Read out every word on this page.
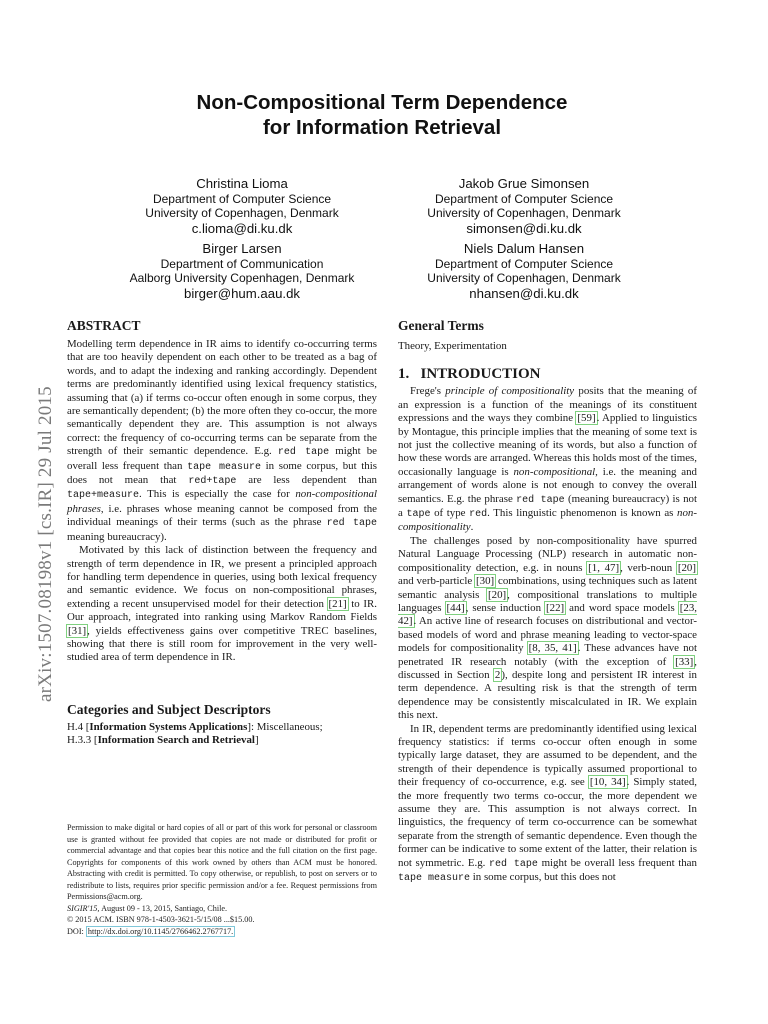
arXiv:1507.08198v1 [cs.IR] 29 Jul 2015
Non-Compositional Term Dependence
for Information Retrieval
Christina Lioma
Department of Computer Science
University of Copenhagen, Denmark
c.lioma@di.ku.dk
Jakob Grue Simonsen
Department of Computer Science
University of Copenhagen, Denmark
simonsen@di.ku.dk
Birger Larsen
Department of Communication
Aalborg University Copenhagen, Denmark
birger@hum.aau.dk
Niels Dalum Hansen
Department of Computer Science
University of Copenhagen, Denmark
nhansen@di.ku.dk
ABSTRACT

Modelling term dependence in IR aims to identify co-occurring terms that are too heavily dependent on each other to be treated as a bag of words, and to adapt the indexing and ranking accordingly. Dependent terms are predominantly identified using lexical frequency statistics, assuming that (a) if terms co-occur often enough in some corpus, they are semantically dependent; (b) the more often they co-occur, the more semantically dependent they are. This assumption is not always correct: the frequency of co-occurring terms can be separate from the strength of their semantic dependence. E.g. red tape might be overall less frequent than tape measure in some corpus, but this does not mean that red+tape are less dependent than tape+measure. This is especially the case for non-compositional phrases, i.e. phrases whose meaning cannot be composed from the individual meanings of their terms (such as the phrase red tape meaning bureaucracy).

Motivated by this lack of distinction between the frequency and strength of term dependence in IR, we present a principled approach for handling term dependence in queries, using both lexical frequency and semantic evidence. We focus on non-compositional phrases, extending a recent unsupervised model for their detection [21] to IR. Our approach, integrated into ranking using Markov Random Fields [31], yields effectiveness gains over competitive TREC baselines, showing that there is still room for improvement in the very well-studied area of term dependence in IR.

Categories and Subject Descriptors

H.4 [Information Systems Applications]: Miscellaneous;

H.3.3 [Information Search and Retrieval]

Permission to make digital or hard copies of all or part of this work for personal or classroom use is granted without fee provided that copies are not made or distributed for profit or commercial advantage and that copies bear this notice and the full citation on the first page. Copyrights for components of this work owned by others than ACM must be honored. Abstracting with credit is permitted. To copy otherwise, or republish, to post on servers or to redistribute to lists, requires prior specific permission and/or a fee. Request permissions from Permissions@acm.org.

SIGIR'15, August 09 - 13, 2015, Santiago, Chile.

© 2015 ACM. ISBN 978-1-4503-3621-5/15/08 ...$15.00.

DOI: http://dx.doi.org/10.1145/2766462.2767717.

General Terms

Theory, Experimentation

1.   INTRODUCTION

Frege's principle of compositionality posits that the meaning of an expression is a function of the meanings of its constituent expressions and the ways they combine [59]. Applied to linguistics by Montague, this principle implies that the meaning of some text is not just the collective meaning of its words, but also a function of how these words are arranged. Whereas this holds most of the times, occasionally language is non-compositional, i.e. the meaning and arrangement of words alone is not enough to convey the overall semantics. E.g. the phrase red tape (meaning bureaucracy) is not a tape of type red. This linguistic phenomenon is known as non-compositionality.

The challenges posed by non-compositionality have spurred Natural Language Processing (NLP) research in automatic non-compositionality detection, e.g. in nouns [1, 47], verb-noun [20] and verb-particle [30] combinations, using techniques such as latent semantic analysis [20], compositional translations to multiple languages [44], sense induction [22] and word space models [23, 42]. An active line of research focuses on distributional and vector-based models of word and phrase meaning leading to vector-space models for compositionality [8, 35, 41]. These advances have not penetrated IR research notably (with the exception of [33], discussed in Section 2), despite long and persistent IR interest in term dependence. A resulting risk is that the strength of term dependence may be consistently miscalculated in IR. We explain this next.

In IR, dependent terms are predominantly identified using lexical frequency statistics: if terms co-occur often enough in some typically large dataset, they are assumed to be dependent, and the strength of their dependence is typically assumed proportional to their frequency of co-occurrence, e.g. see [10, 34]. Simply stated, the more frequently two terms co-occur, the more dependent we assume they are. This assumption is not always correct. In linguistics, the frequency of term co-occurrence can be somewhat separate from the strength of semantic dependence. Even though the former can be indicative to some extent of the latter, their relation is not symmetric. E.g. red tape might be overall less frequent than tape measure in some corpus, but this does not
